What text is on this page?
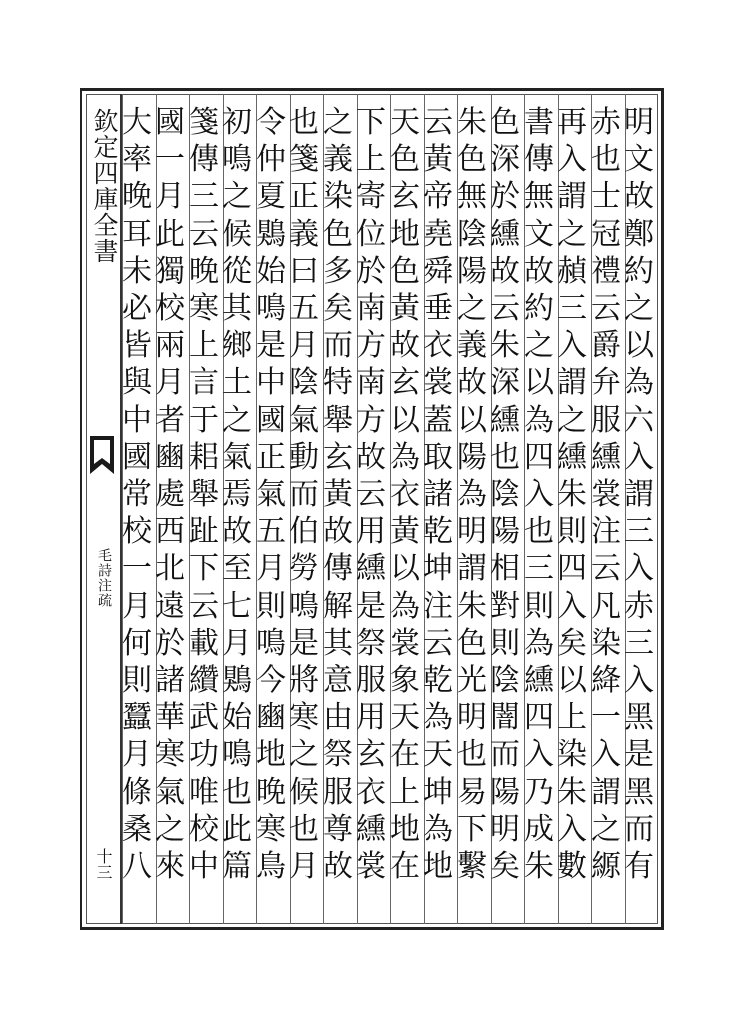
欽定四庫全書
毛詩注疏
十三
明文故鄭約之以為六入謂三入赤三入黑是黑而有
赤也士冠禮云爵弁服纁裳注云凡染絳一入謂之縓
再入謂之赬三入謂之纁朱則四入矣以上染朱入數
書傳無文故約之以為四入也三則為纁四入乃成朱
色深於纁故云朱深纁也陰陽相對則陰闇而陽明矣
朱色無陰陽之義故以陽為明謂朱色光明也易下繫
云黃帝堯舜垂衣裳蓋取諸乾坤注云乾為天坤為地
天色玄地色黃故玄以為衣黃以為裳象天在上地在
下上寄位於南方南方故云用纁是祭服用玄衣纁裳
之義染色多矣而特舉玄黃故傳解其意由祭服尊故
也箋正義曰五月陰氣動而伯勞鳴是將寒之候也月
令仲夏鶪始鳴是中國正氣五月則鳴今豳地晚寒鳥
初鳴之候從其鄉土之氣焉故至七月鶪始鳴也此篇
箋傳三云晚寒上言于耜舉趾下云載纘武功唯校中
國一月此獨校兩月者豳處西北遠於諸華寒氣之來
大率晚耳未必皆與中國常校一月何則蠶月條桑八
